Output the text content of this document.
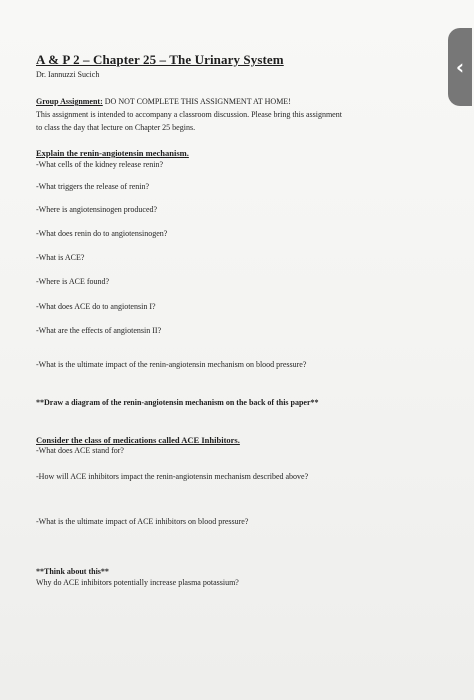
A & P 2 – Chapter 25 – The Urinary System
Dr. Iannuzzi Sucich
Group Assignment: DO NOT COMPLETE THIS ASSIGNMENT AT HOME!
This assignment is intended to accompany a classroom discussion. Please bring this assignment
to class the day that lecture on Chapter 25 begins.
Explain the renin-angiotensin mechanism.
-What cells of the kidney release renin?
-What triggers the release of renin?
-Where is angiotensinogen produced?
-What does renin do to angiotensinogen?
-What is ACE?
-Where is ACE found?
-What does ACE do to angiotensin I?
-What are the effects of angiotensin II?
-What is the ultimate impact of the renin-angiotensin mechanism on blood pressure?
**Draw a diagram of the renin-angiotensin mechanism on the back of this paper**
Consider the class of medications called ACE Inhibitors.
-What does ACE stand for?
-How will ACE inhibitors impact the renin-angiotensin mechanism described above?
-What is the ultimate impact of ACE inhibitors on blood pressure?
**Think about this**
Why do ACE inhibitors potentially increase plasma potassium?
‹
